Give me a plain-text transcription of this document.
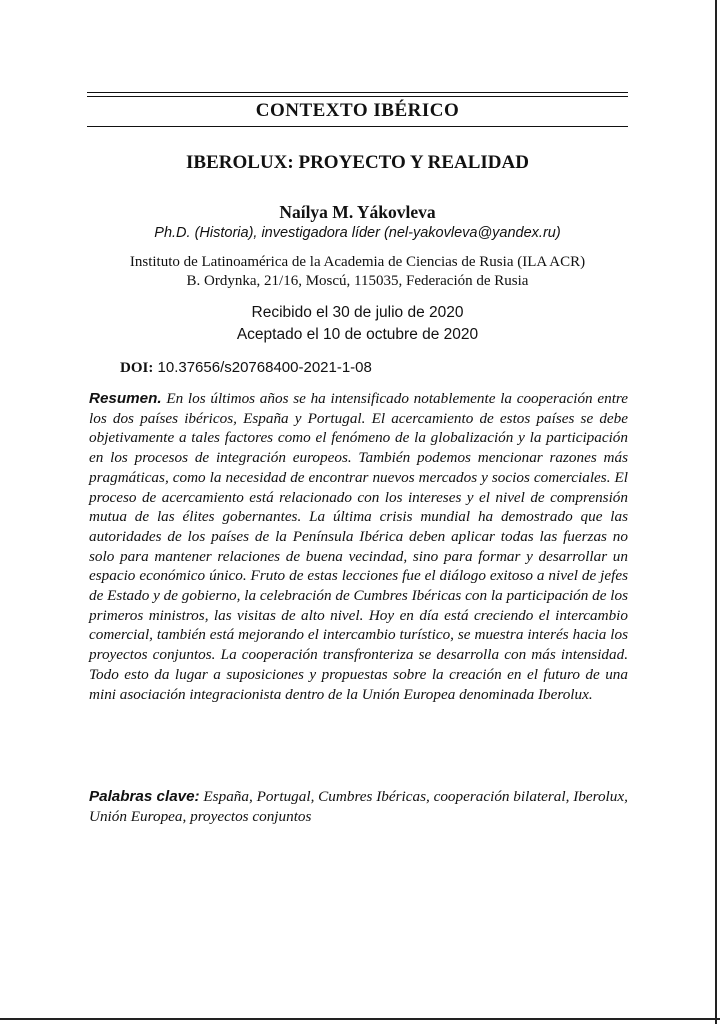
CONTEXTO IBÉRICO
IBEROLUX: PROYECTO Y REALIDAD
Naílya M. Yákovleva
Ph.D. (Historia), investigadora líder (nel-yakovleva@yandex.ru)
Instituto de Latinoamérica de la Academia de Ciencias de Rusia (ILA ACR)
B. Ordynka, 21/16, Moscú, 115035, Federación de Rusia
Recibido el 30 de julio de 2020
Aceptado el 10 de octubre de 2020
DOI: 10.37656/s20768400-2021-1-08
Resumen. En los últimos años se ha intensificado notablemente la cooperación entre los dos países ibéricos, España y Portugal. El acercamiento de estos países se debe objetivamente a tales factores como el fenómeno de la globalización y la participación en los procesos de integración europeos. También podemos mencionar razones más pragmáticas, como la necesidad de encontrar nuevos mercados y socios comerciales. El proceso de acercamiento está relacionado con los intereses y el nivel de comprensión mutua de las élites gobernantes. La última crisis mundial ha demostrado que las autoridades de los países de la Península Ibérica deben aplicar todas las fuerzas no solo para mantener relaciones de buena vecindad, sino para formar y desarrollar un espacio económico único. Fruto de estas lecciones fue el diálogo exitoso a nivel de jefes de Estado y de gobierno, la celebración de Cumbres Ibéricas con la participación de los primeros ministros, las visitas de alto nivel. Hoy en día está creciendo el intercambio comercial, también está mejorando el intercambio turístico, se muestra interés hacia los proyectos conjuntos. La cooperación transfronteriza se desarrolla con más intensidad. Todo esto da lugar a suposiciones y propuestas sobre la creación en el futuro de una mini asociación integracionista dentro de la Unión Europea denominada Iberolux.
Palabras clave: España, Portugal, Cumbres Ibéricas, cooperación bilateral, Iberolux, Unión Europea, proyectos conjuntos
